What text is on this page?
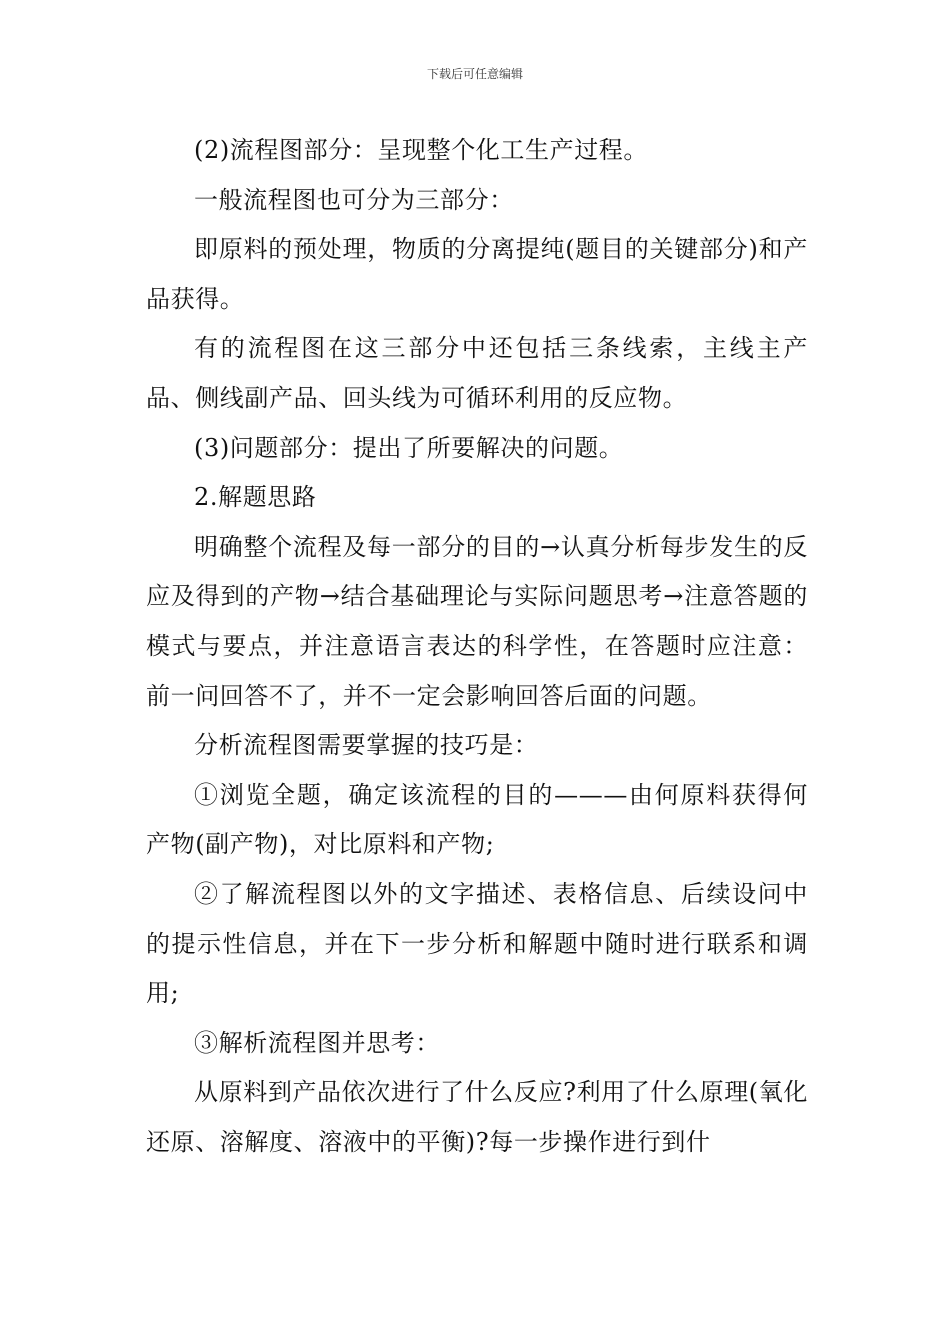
下载后可任意编辑

(2)流程图部分：呈现整个化工生产过程。

一般流程图也可分为三部分：

即原料的预处理，物质的分离提纯(题目的关键部分)和产品获得。

有的流程图在这三部分中还包括三条线索，主线主产品、侧线副产品、回头线为可循环利用的反应物。

(3)问题部分：提出了所要解决的问题。

2.解题思路

明确整个流程及每一部分的目的→认真分析每步发生的反应及得到的产物→结合基础理论与实际问题思考→注意答题的模式与要点，并注意语言表达的科学性，在答题时应注意：前一问回答不了，并不一定会影响回答后面的问题。

分析流程图需要掌握的技巧是：

①浏览全题，确定该流程的目的———由何原料获得何产物(副产物)，对比原料和产物;

②了解流程图以外的文字描述、表格信息、后续设问中的提示性信息，并在下一步分析和解题中随时进行联系和调用;

③解析流程图并思考：

从原料到产品依次进行了什么反应?利用了什么原理(氧化还原、溶解度、溶液中的平衡)?每一步操作进行到什
